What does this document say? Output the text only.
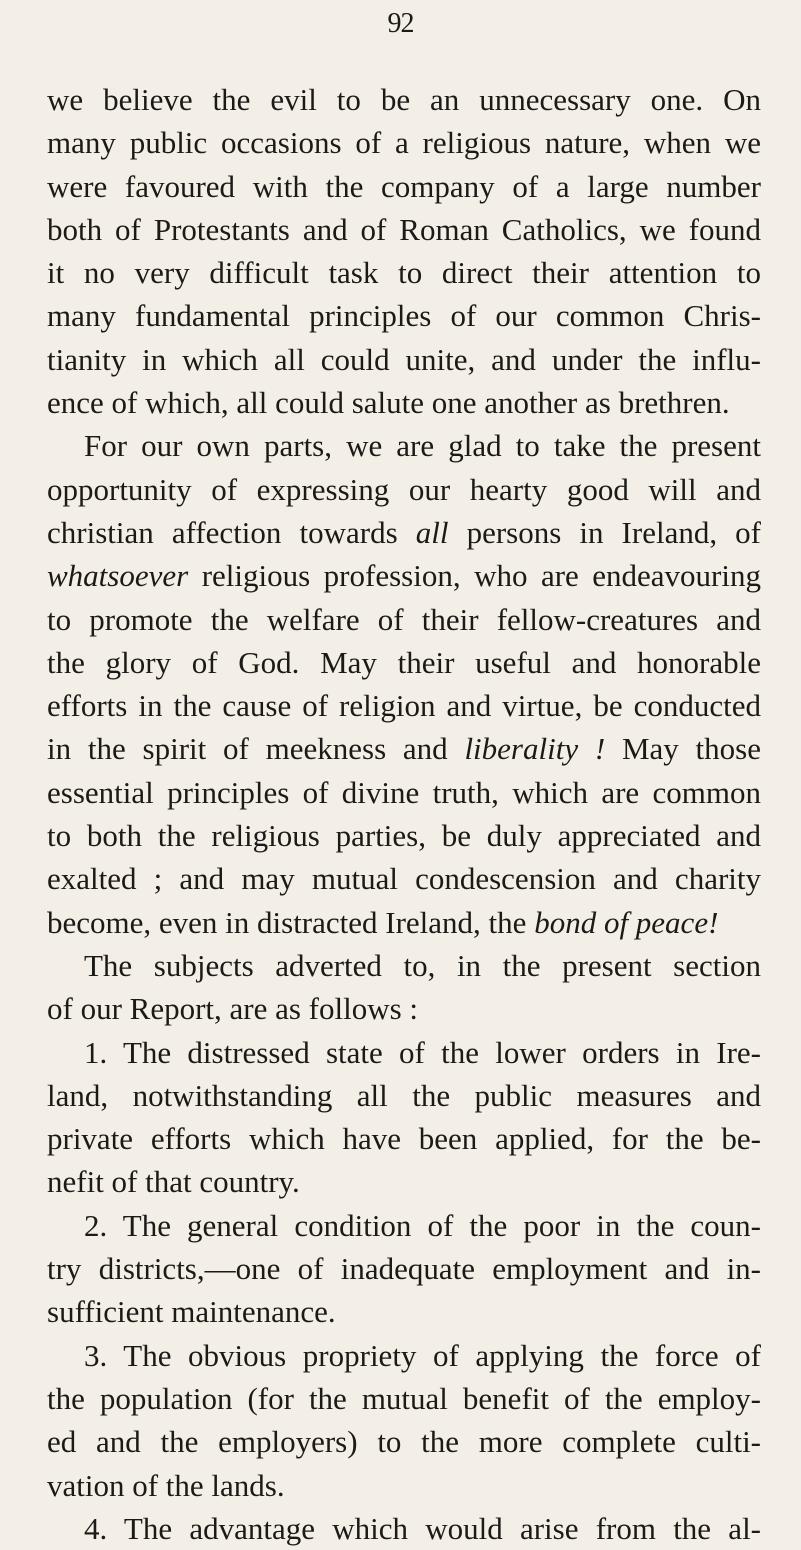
92
we believe the evil to be an unnecessary one. On
many public occasions of a religious nature, when we
were favoured with the company of a large number
both of Protestants and of Roman Catholics, we found
it no very difficult task to direct their attention to
many fundamental principles of our common Chris-
tianity in which all could unite, and under the influ-
ence of which, all could salute one another as brethren.
For our own parts, we are glad to take the present
opportunity of expressing our hearty good will and
christian affection towards all persons in Ireland, of
whatsoever religious profession, who are endeavouring
to promote the welfare of their fellow-creatures and
the glory of God. May their useful and honorable
efforts in the cause of religion and virtue, be conducted
in the spirit of meekness and liberality ! May those
essential principles of divine truth, which are common
to both the religious parties, be duly appreciated and
exalted ; and may mutual condescension and charity
become, even in distracted Ireland, the bond of peace!
The subjects adverted to, in the present section
of our Report, are as follows :
1. The distressed state of the lower orders in Ire-
land, notwithstanding all the public measures and
private efforts which have been applied, for the be-
nefit of that country.
2. The general condition of the poor in the coun-
try districts,—one of inadequate employment and in-
sufficient maintenance.
3. The obvious propriety of applying the force of
the population (for the mutual benefit of the employ-
ed and the employers) to the more complete culti-
vation of the lands.
4. The advantage which would arise from the al-
